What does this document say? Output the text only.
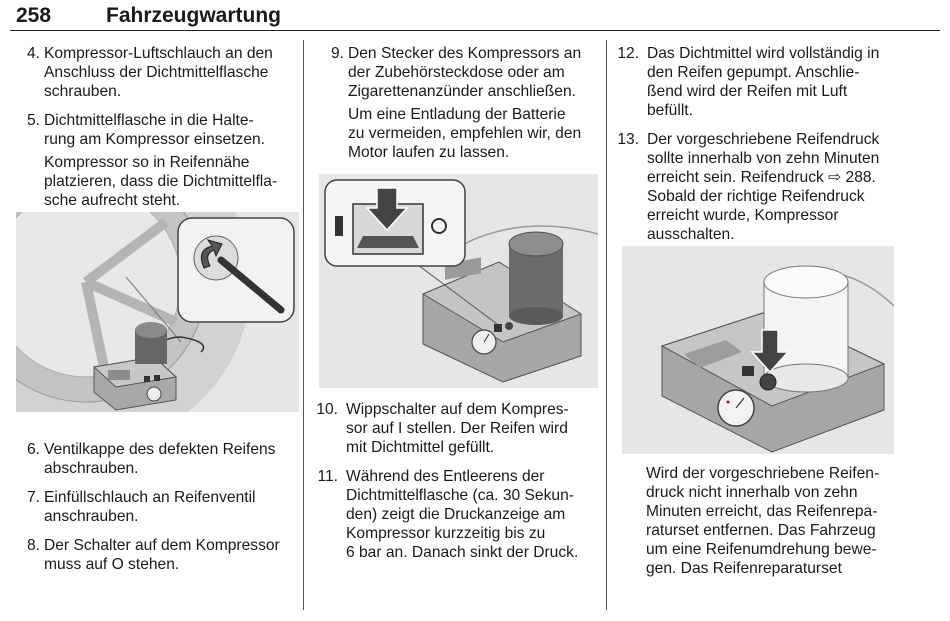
258	Fahrzeugwartung
4. Kompressor-Luftschlauch an den
Anschluss der Dichtmittelflasche
schrauben.
5. Dichtmittelflasche in die Halte-
rung am Kompressor einsetzen.
Kompressor so in Reifennähe
platzieren, dass die Dichtmittelfla-
sche aufrecht steht.
6. Ventilkappe des defekten Reifens
abschrauben.
7. Einfüllschlauch an Reifenventil
anschrauben.
8. Der Schalter auf dem Kompressor
muss auf O stehen.
9. Den Stecker des Kompressors an
der Zubehörsteckdose oder am
Zigarettenanzünder anschließen.
Um eine Entladung der Batterie
zu vermeiden, empfehlen wir, den
Motor laufen zu lassen.
10. Wippschalter auf dem Kompres-
sor auf I stellen. Der Reifen wird
mit Dichtmittel gefüllt.
11. Während des Entleerens der
Dichtmittelflasche (ca. 30 Sekun-
den) zeigt die Druckanzeige am
Kompressor kurzzeitig bis zu
6 bar an. Danach sinkt der Druck.
12. Das Dichtmittel wird vollständig in
den Reifen gepumpt. Anschlie-
ßend wird der Reifen mit Luft
befüllt.
13. Der vorgeschriebene Reifendruck
sollte innerhalb von zehn Minuten
erreicht sein. Reifendruck ⇨ 288.
Sobald der richtige Reifendruck
erreicht wurde, Kompressor
ausschalten.
Wird der vorgeschriebene Reifen-
druck nicht innerhalb von zehn
Minuten erreicht, das Reifenrepa-
raturset entfernen. Das Fahrzeug
um eine Reifenumdrehung bewe-
gen. Das Reifenreparaturset
